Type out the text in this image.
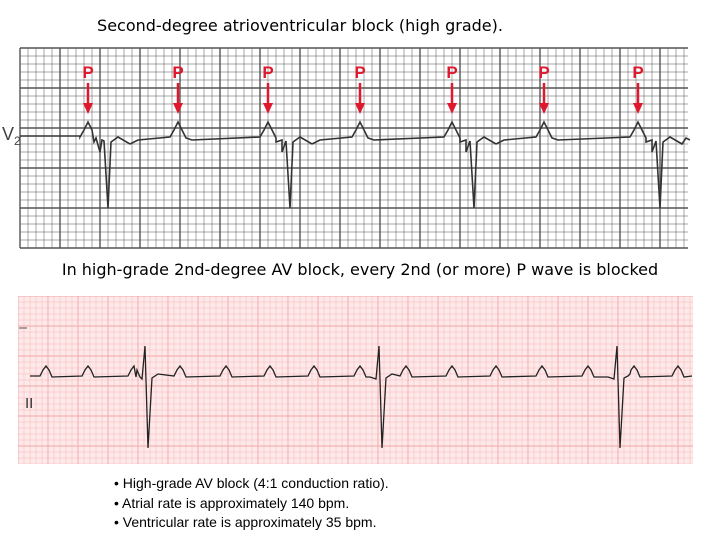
Second-degree atrioventricular block (high grade).
$V_2$
P	P	P	P	P	P	P
In high-grade 2nd-degree AV block, every 2nd (or more) P wave is blocked
II
• High-grade AV block (4:1 conduction ratio).
• Atrial rate is approximately 140 bpm.
• Ventricular rate is approximately 35 bpm.
